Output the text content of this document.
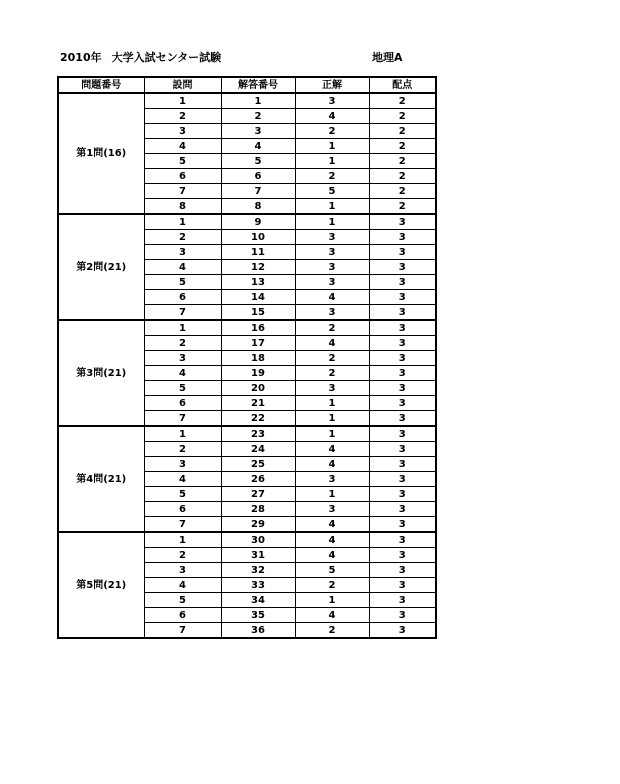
2010年 大学入試センター試験	地理A
問題番号	設問	解答番号	正解	配点
第1問(16)	1	1	3	2
	2	2	4	2
	3	3	2	2
	4	4	1	2
	5	5	1	2
	6	6	2	2
	7	7	5	2
	8	8	1	2
第2問(21)	1	9	1	3
	2	10	3	3
	3	11	3	3
	4	12	3	3
	5	13	3	3
	6	14	4	3
	7	15	3	3
第3問(21)	1	16	2	3
	2	17	4	3
	3	18	2	3
	4	19	2	3
	5	20	3	3
	6	21	1	3
	7	22	1	3
第4問(21)	1	23	1	3
	2	24	4	3
	3	25	4	3
	4	26	3	3
	5	27	1	3
	6	28	3	3
	7	29	4	3
第5問(21)	1	30	4	3
	2	31	4	3
	3	32	5	3
	4	33	2	3
	5	34	1	3
	6	35	4	3
	7	36	2	3
